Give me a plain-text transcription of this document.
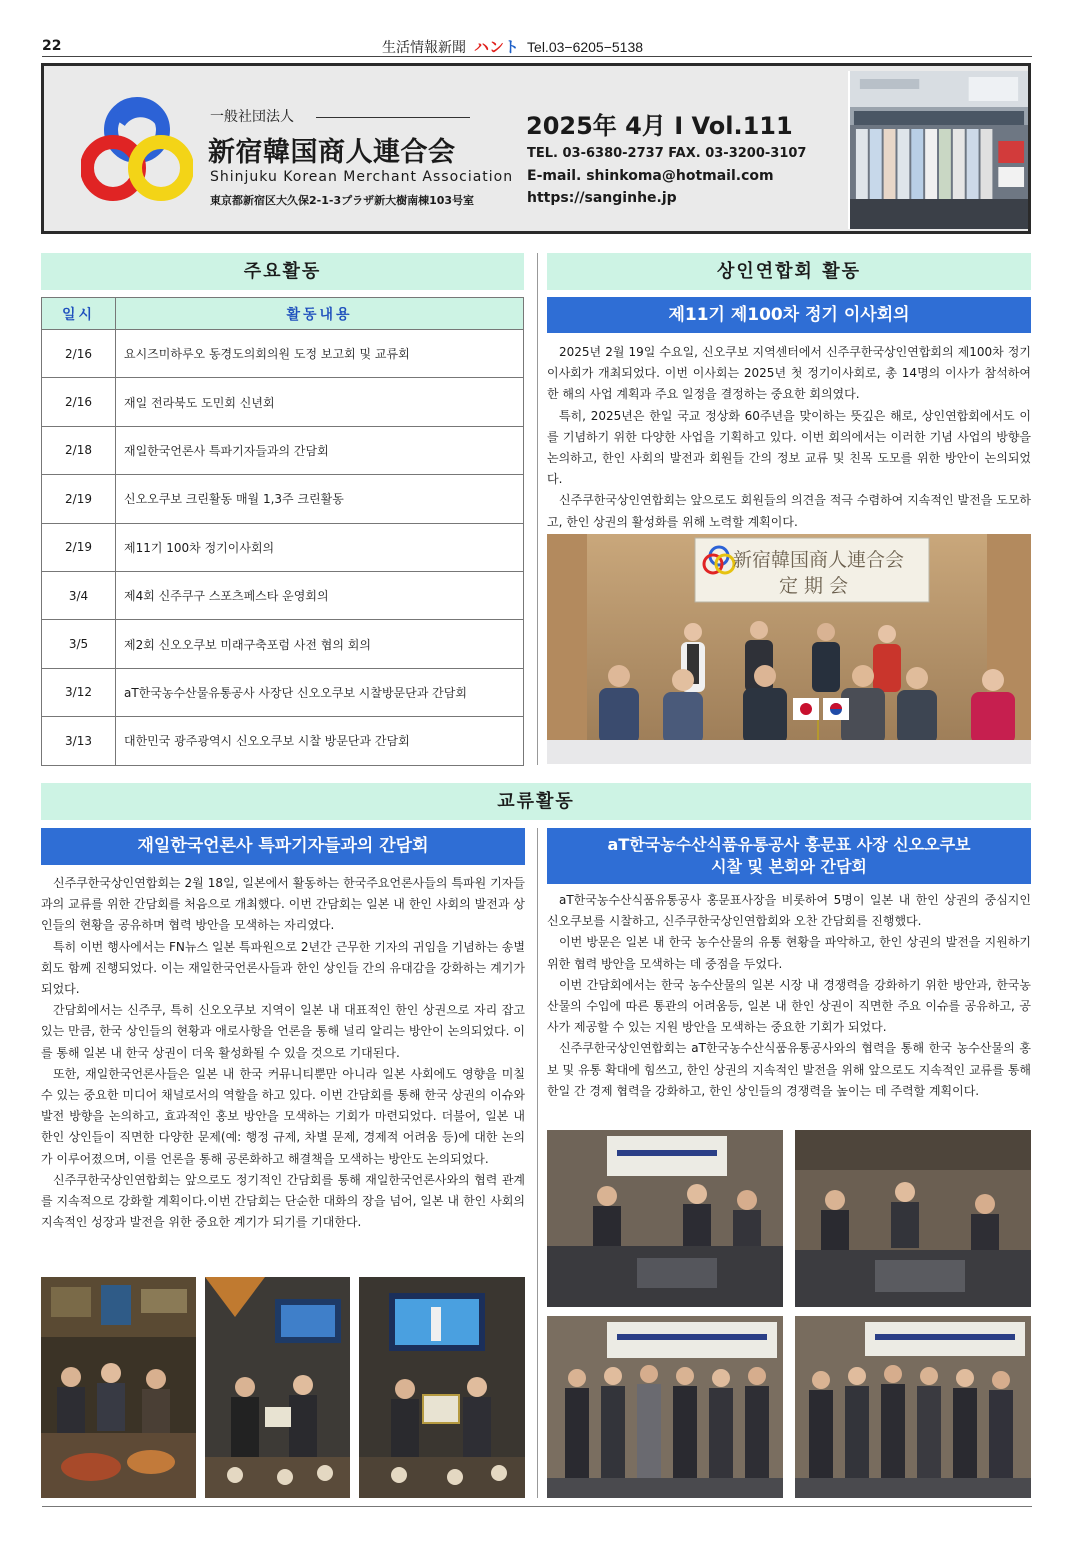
22	生活情報新聞 ハント Tel.03−6205−5138
一般社団法人
新宿韓国商人連合会
Shinjuku Korean Merchant Association
東京都新宿区大久保2-1-3プラザ新大樹南棟103号室
2025年 4月 I Vol.111
TEL. 03-6380-2737 FAX. 03-3200-3107
E-mail. shinkoma@hotmail.com
https://sanginhe.jp
주요활동
일시	활동내용
2/16	요시즈미하루오 동경도의회의원 도정 보고회 및 교류회
2/16	재일 전라북도 도민회 신년회
2/18	재일한국언론사 특파기자들과의 간담회
2/19	신오오쿠보 크린활동 매월 1,3주 크린활동
2/19	제11기 100차 정기이사회의
3/4	제4회 신주쿠구 스포츠페스타 운영회의
3/5	제2회 신오오쿠보 미래구축포럼 사전 협의 회의
3/12	aT한국농수산물유통공사 사장단 신오오쿠보 시찰방문단과 간담회
3/13	대한민국 광주광역시 신오오쿠보 시찰 방문단과 간담회
상인연합회 활동
제11기 제100차 정기 이사회의

2025년 2월 19일 수요일, 신오쿠보 지역센터에서 신주쿠한국상인연합회의 제100차 정기 이사회가 개최되었다. 이번 이사회는 2025년 첫 정기이사회로, 총 14명의 이사가 참석하여 한 해의 사업 계획과 주요 일정을 결정하는 중요한 회의였다.

특히, 2025년은 한일 국교 정상화 60주년을 맞이하는 뜻깊은 해로, 상인연합회에서도 이를 기념하기 위한 다양한 사업을 기획하고 있다. 이번 회의에서는 이러한 기념 사업의 방향을 논의하고, 한인 사회의 발전과 회원들 간의 정보 교류 및 친목 도모를 위한 방안이 논의되었다.

신주쿠한국상인연합회는 앞으로도 회원들의 의견을 적극 수렴하여 지속적인 발전을 도모하고, 한인 상권의 활성화를 위해 노력할 계획이다.

新宿韓国商人連合会
定 期 会
교류활동
재일한국언론사 특파기자들과의 간담회

신주쿠한국상인연합회는 2월 18일, 일본에서 활동하는 한국주요언론사들의 특파원 기자들과의 교류를 위한 간담회를 처음으로 개최했다. 이번 간담회는 일본 내 한인 사회의 발전과 상인들의 현황을 공유하며 협력 방안을 모색하는 자리였다.

특히 이번 행사에서는 FN뉴스 일본 특파원으로 2년간 근무한 기자의 귀임을 기념하는 송별회도 함께 진행되었다. 이는 재일한국언론사들과 한인 상인들 간의 유대감을 강화하는 계기가 되었다.

간담회에서는 신주쿠, 특히 신오오쿠보 지역이 일본 내 대표적인 한인 상권으로 자리 잡고 있는 만큼, 한국 상인들의 현황과 애로사항을 언론을 통해 널리 알리는 방안이 논의되었다. 이를 통해 일본 내 한국 상권이 더욱 활성화될 수 있을 것으로 기대된다.

또한, 재일한국언론사들은 일본 내 한국 커뮤니티뿐만 아니라 일본 사회에도 영향을 미칠 수 있는 중요한 미디어 채널로서의 역할을 하고 있다. 이번 간담회를 통해 한국 상권의 이슈와 발전 방향을 논의하고, 효과적인 홍보 방안을 모색하는 기회가 마련되었다. 더불어, 일본 내 한인 상인들이 직면한 다양한 문제(예: 행정 규제, 차별 문제, 경제적 어려움 등)에 대한 논의가 이루어졌으며, 이를 언론을 통해 공론화하고 해결책을 모색하는 방안도 논의되었다.

신주쿠한국상인연합회는 앞으로도 정기적인 간담회를 통해 재일한국언론사와의 협력 관계를 지속적으로 강화할 계획이다.이번 간담회는 단순한 대화의 장을 넘어, 일본 내 한인 사회의 지속적인 성장과 발전을 위한 중요한 계기가 되기를 기대한다.

aT한국농수산식품유통공사 홍문표 사장 신오오쿠보
시찰 및 본회와 간담회

aT한국농수산식품유통공사 홍문표사장을 비롯하여 5명이 일본 내 한인 상권의 중심지인 신오쿠보를 시찰하고, 신주쿠한국상인연합회와 오찬 간담회를 진행했다.

이번 방문은 일본 내 한국 농수산물의 유통 현황을 파악하고, 한인 상권의 발전을 지원하기 위한 협력 방안을 모색하는 데 중점을 두었다.

이번 간담회에서는 한국 농수산물의 일본 시장 내 경쟁력을 강화하기 위한 방안과, 한국농산물의 수입에 따른 통관의 어려움등, 일본 내 한인 상권이 직면한 주요 이슈를 공유하고, 공사가 제공할 수 있는 지원 방안을 모색하는 중요한 기회가 되었다.

신주쿠한국상인연합회는 aT한국농수산식품유통공사와의 협력을 통해 한국 농수산물의 홍보 및 유통 확대에 힘쓰고, 한인 상권의 지속적인 발전을 위해 앞으로도 지속적인 교류를 통해 한일 간 경제 협력을 강화하고, 한인 상인들의 경쟁력을 높이는 데 주력할 계획이다.
